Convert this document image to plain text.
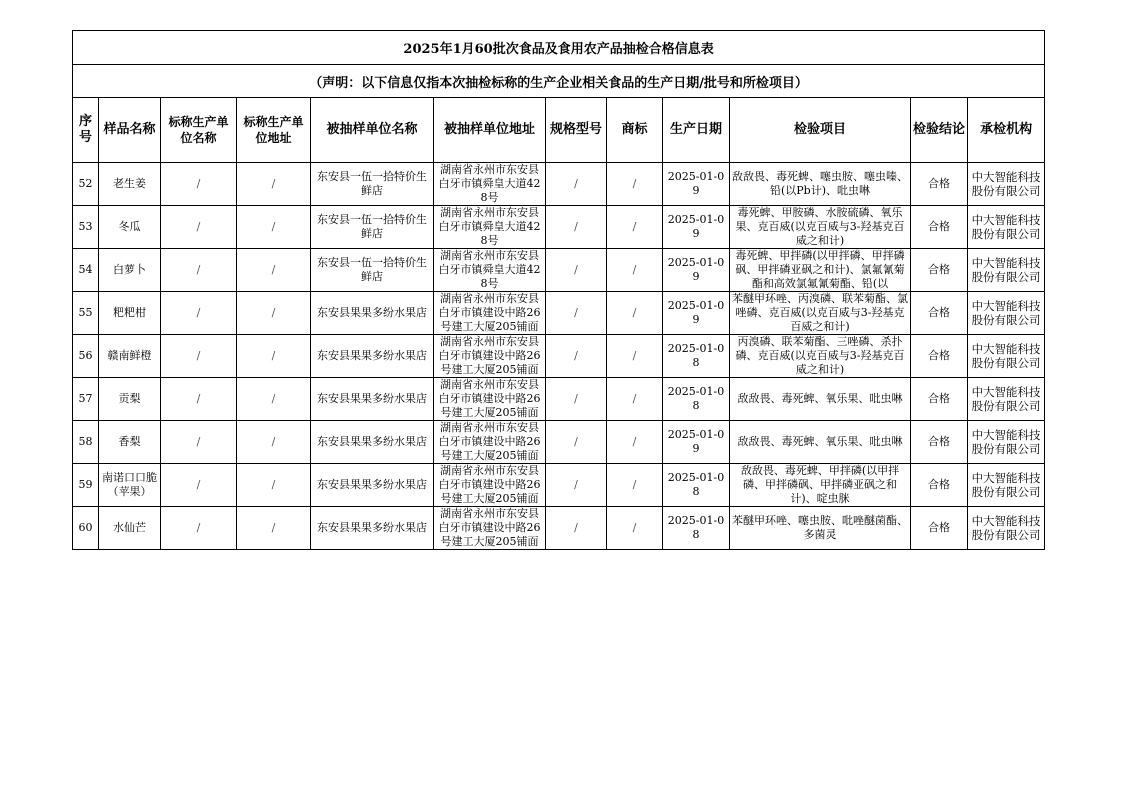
2025年1月60批次食品及食用农产品抽检合格信息表											
（声明：以下信息仅指本次抽检标称的生产企业相关食品的生产日期/批号和所检项目）											
序号	样品名称	标称生产单位名称	标称生产单位地址	被抽样单位名称	被抽样单位地址	规格型号	商标	生产日期	检验项目	检验结论	承检机构

52	老生姜	/	/	东安县一伍一拾特价生鲜店	湖南省永州市东安县白牙市镇舜皇大道428号	/	/	2025-01-09	敌敌畏、毒死蜱、噻虫胺、噻虫嗪、铅(以Pb计)、吡虫啉	合格	中大智能科技股份有限公司

53	冬瓜	/	/	东安县一伍一拾特价生鲜店	湖南省永州市东安县白牙市镇舜皇大道428号	/	/	2025-01-09	毒死蜱、甲胺磷、水胺硫磷、氧乐果、克百威(以克百威与3-羟基克百威之和计)	合格	中大智能科技股份有限公司

54	白萝卜	/	/	东安县一伍一拾特价生鲜店	湖南省永州市东安县白牙市镇舜皇大道428号	/	/	2025-01-09	毒死蜱、甲拌磷(以甲拌磷、甲拌磷砜、甲拌磷亚砜之和计)、氯氟氰菊酯和高效氯氟氰菊酯、铅(以	合格	中大智能科技股份有限公司

55	粑粑柑	/	/	东安县果果多纷水果店	湖南省永州市东安县白牙市镇建设中路26号建工大厦205铺面	/	/	2025-01-09	苯醚甲环唑、丙溴磷、联苯菊酯、氯唑磷、克百威(以克百威与3-羟基克百威之和计)	合格	中大智能科技股份有限公司

56	赣南鲜橙	/	/	东安县果果多纷水果店	湖南省永州市东安县白牙市镇建设中路26号建工大厦205铺面	/	/	2025-01-08	丙溴磷、联苯菊酯、三唑磷、杀扑磷、克百威(以克百威与3-羟基克百威之和计)	合格	中大智能科技股份有限公司

57	贡梨	/	/	东安县果果多纷水果店	湖南省永州市东安县白牙市镇建设中路26号建工大厦205铺面	/	/	2025-01-08	敌敌畏、毒死蜱、氧乐果、吡虫啉	合格	中大智能科技股份有限公司

58	香梨	/	/	东安县果果多纷水果店	湖南省永州市东安县白牙市镇建设中路26号建工大厦205铺面	/	/	2025-01-09	敌敌畏、毒死蜱、氧乐果、吡虫啉	合格	中大智能科技股份有限公司

59	南诺口口脆（苹果）	/	/	东安县果果多纷水果店	湖南省永州市东安县白牙市镇建设中路26号建工大厦205铺面	/	/	2025-01-08	敌敌畏、毒死蜱、甲拌磷(以甲拌磷、甲拌磷砜、甲拌磷亚砜之和计)、啶虫脒	合格	中大智能科技股份有限公司

60	水仙芒	/	/	东安县果果多纷水果店	湖南省永州市东安县白牙市镇建设中路26号建工大厦205铺面	/	/	2025-01-08	苯醚甲环唑、噻虫胺、吡唑醚菌酯、多菌灵	合格	中大智能科技股份有限公司
